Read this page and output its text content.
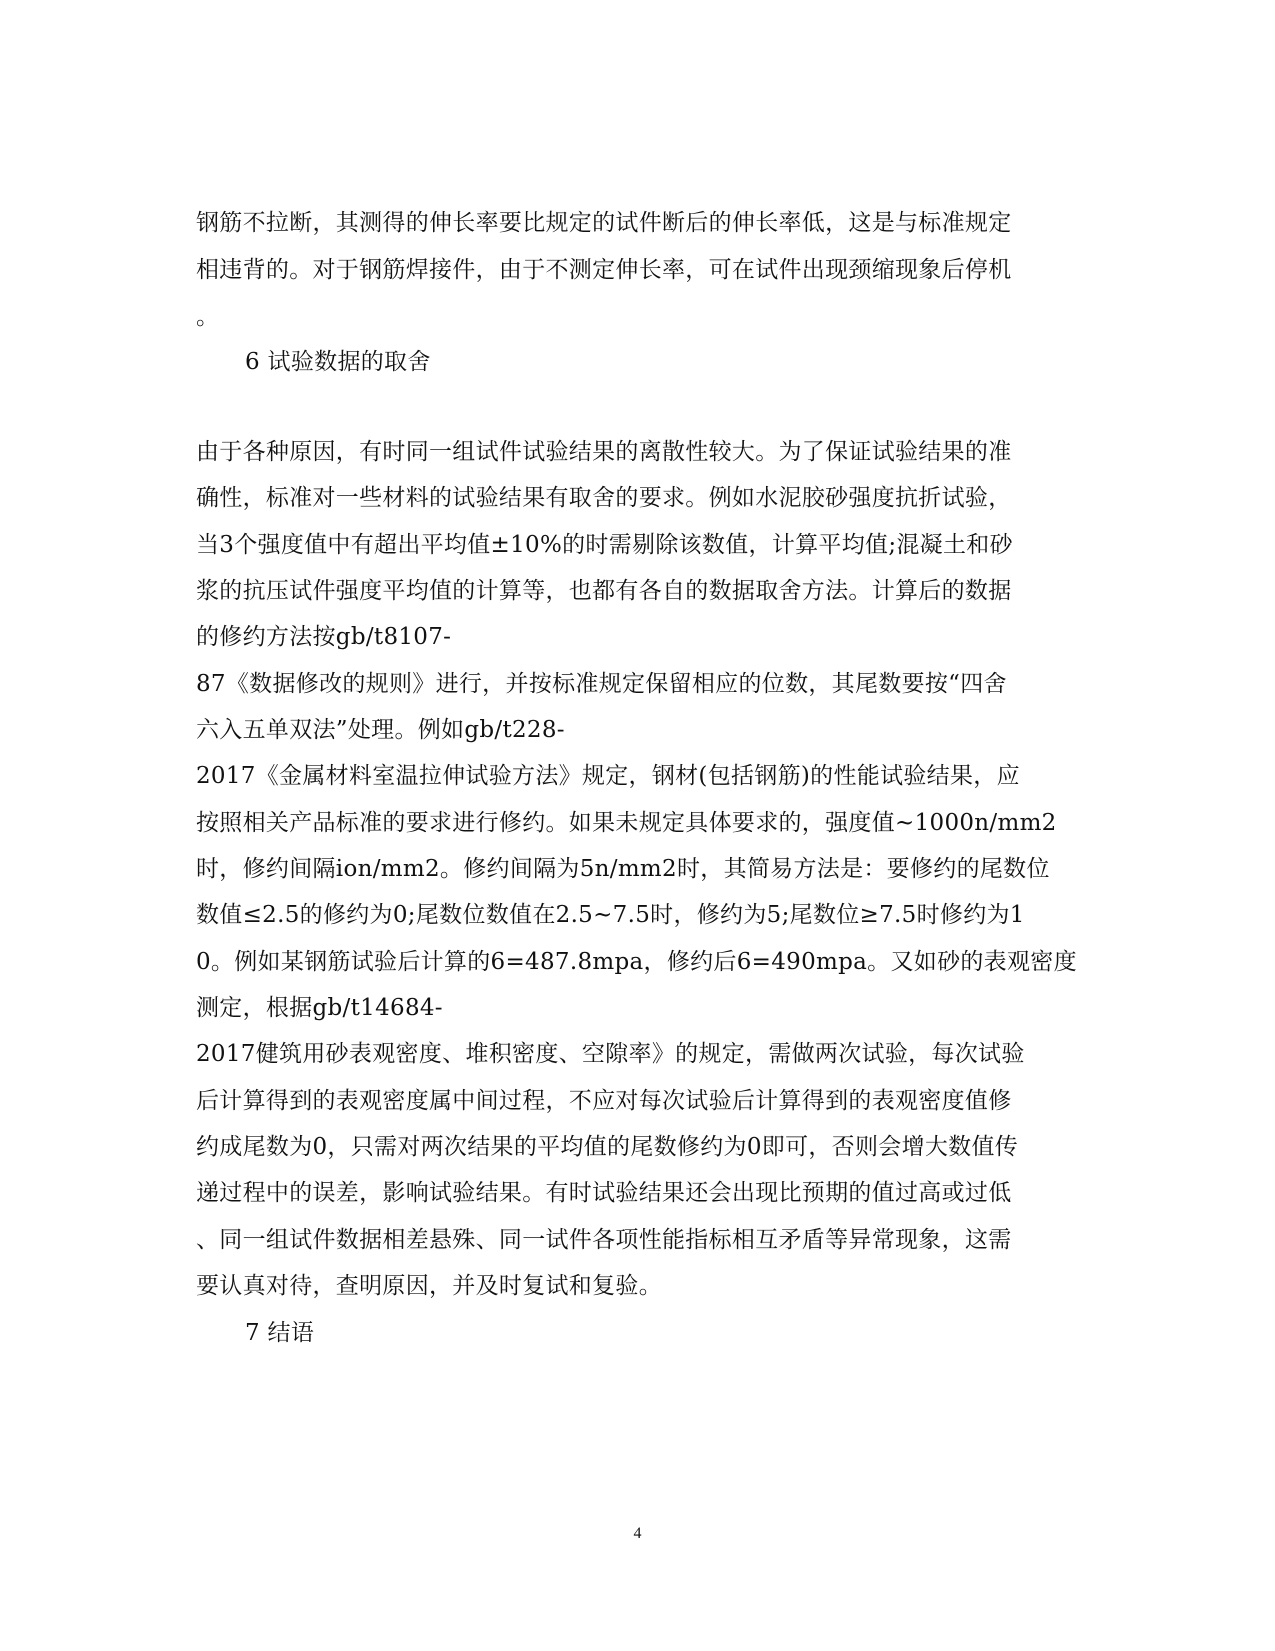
钢筋不拉断，其测得的伸长率要比规定的试件断后的伸长率低，这是与标准规定
相违背的。对于钢筋焊接件，由于不测定伸长率，可在试件出现颈缩现象后停机
。
6 试验数据的取舍
由于各种原因，有时同一组试件试验结果的离散性较大。为了保证试验结果的准
确性，标准对一些材料的试验结果有取舍的要求。例如水泥胶砂强度抗折试验，
当3个强度值中有超出平均值±10%的时需剔除该数值，计算平均值;混凝土和砂
浆的抗压试件强度平均值的计算等，也都有各自的数据取舍方法。计算后的数据
的修约方法按gb/t8107-
87《数据修改的规则》进行，并按标准规定保留相应的位数，其尾数要按“四舍
六入五单双法”处理。例如gb/t228-
2017《金属材料室温拉伸试验方法》规定，钢材(包括钢筋)的性能试验结果，应
按照相关产品标准的要求进行修约。如果未规定具体要求的，强度值~1000n/mm2
时，修约间隔ion/mm2。修约间隔为5n/mm2时，其简易方法是：要修约的尾数位
数值≤2.5的修约为0;尾数位数值在2.5~7.5时，修约为5;尾数位≥7.5时修约为1
0。例如某钢筋试验后计算的6=487.8mpa，修约后6=490mpa。又如砂的表观密度
测定，根据gb/t14684-
2017健筑用砂表观密度、堆积密度、空隙率》的规定，需做两次试验，每次试验
后计算得到的表观密度属中间过程，不应对每次试验后计算得到的表观密度值修
约成尾数为0，只需对两次结果的平均值的尾数修约为0即可，否则会增大数值传
递过程中的误差，影响试验结果。有时试验结果还会出现比预期的值过高或过低
、同一组试件数据相差悬殊、同一试件各项性能指标相互矛盾等异常现象，这需
要认真对待，查明原因，并及时复试和复验。
7 结语
4
